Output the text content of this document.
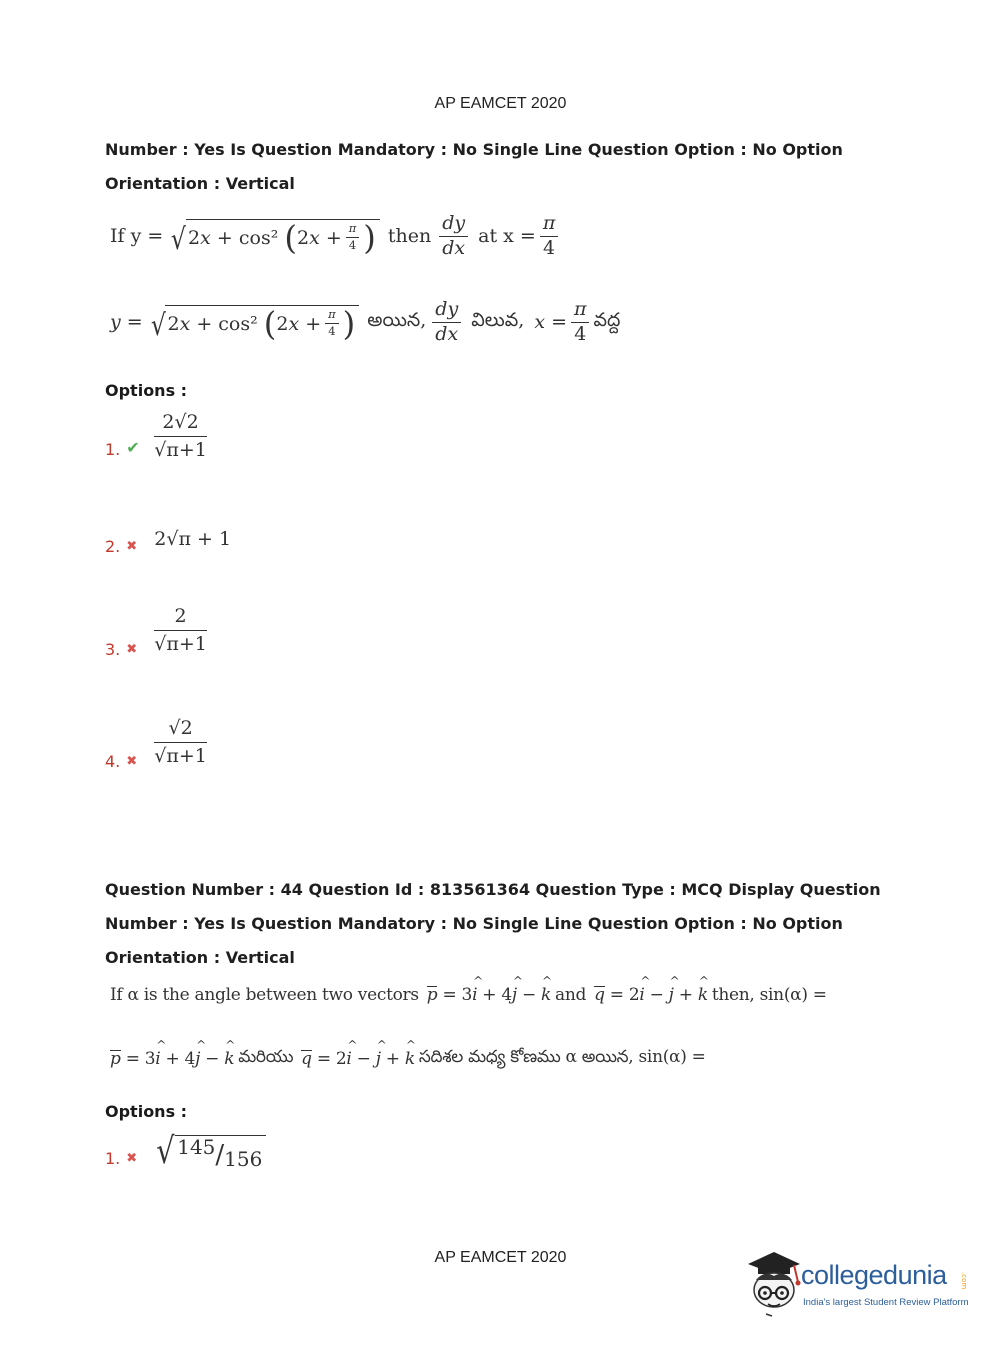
AP EAMCET 2020
Number : Yes Is Question Mandatory : No Single Line Question Option : No Option
Orientation : Vertical
If y = √ 2 x + cos² ( 2 $x + \frac{\pi}{4}$ ) then $\frac{dy}{dx}$ at $x = \frac{\pi}{4}$
y = √ 2 x + cos² ( 2 $x + \frac{\pi}{4}$ ) అయిన, $\frac{dy}{dx}$ విలువ, $x = \frac{\pi}{4}$ వద్ద
Options :
1. ✔
2√2
√π+1
2. ✖ 2√π + 1
3. ✖
2
√π+1
4. ✖
√2
√π+1
Question Number : 44 Question Id : 813561364 Question Type : MCQ Display Question
Number : Yes Is Question Mandatory : No Single Line Question Option : No Option
Orientation : Vertical
If α is the angle between two vectors p = 3^ i + 4^ j − ^ k and q = 2^ i − ^ j + ^ k then, sin(α) =
p = 3^ i + 4^ j − ^ k మరియు q = 2^ i − ^ j + ^ k సదిశల మధ్య కోణము α అయిన, sin(α) =
Options :
1. ✖ √ 145 / 156
AP EAMCET 2020
collegedunia .com
India's largest Student Review Platform
